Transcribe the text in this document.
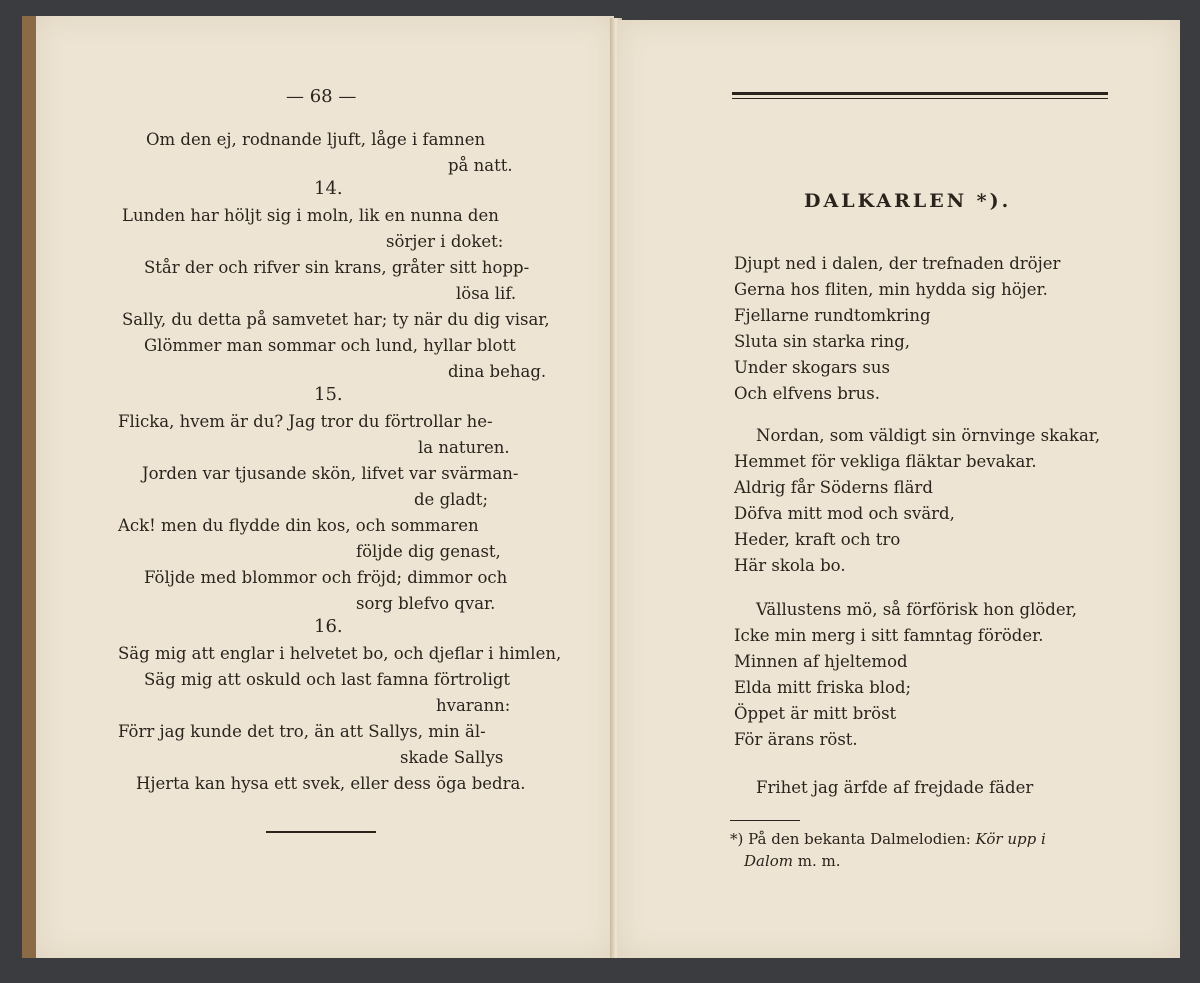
— 68 —
Om den ej, rodnande ljuft, låge i famnen
på natt.
14.
Lunden har höljt sig i moln, lik en nunna den
sörjer i doket:
Står der och rifver sin krans, gråter sitt hopp-
lösa lif.
Sally, du detta på samvetet har; ty när du dig visar,
Glömmer man sommar och lund, hyllar blott
dina behag.
15.
Flicka, hvem är du? Jag tror du förtrollar he-
la naturen.
Jorden var tjusande skön, lifvet var svärman-
de gladt;
Ack! men du flydde din kos, och sommaren
följde dig genast,
Följde med blommor och fröjd; dimmor och
sorg blefvo qvar.
16.
Säg mig att englar i helvetet bo, och djeflar i himlen,
Säg mig att oskuld och last famna förtroligt
hvarann:
Förr jag kunde det tro, än att Sallys, min äl-
skade Sallys
Hjerta kan hysa ett svek, eller dess öga bedra.
DALKARLEN *).
Djupt ned i dalen, der trefnaden dröjer
Gerna hos fliten, min hydda sig höjer.
Fjellarne rundtomkring
Sluta sin starka ring,
Under skogars sus
Och elfvens brus.
Nordan, som väldigt sin örnvinge skakar,
Hemmet för vekliga fläktar bevakar.
Aldrig får Söderns flärd
Döfva mitt mod och svärd,
Heder, kraft och tro
Här skola bo.
Vällustens mö, så förförisk hon glöder,
Icke min merg i sitt famntag föröder.
Minnen af hjeltemod
Elda mitt friska blod;
Öppet är mitt bröst
För ärans röst.
Frihet jag ärfde af frejdade fäder
*) På den bekanta Dalmelodien: Kör upp i
Dalom m. m.
